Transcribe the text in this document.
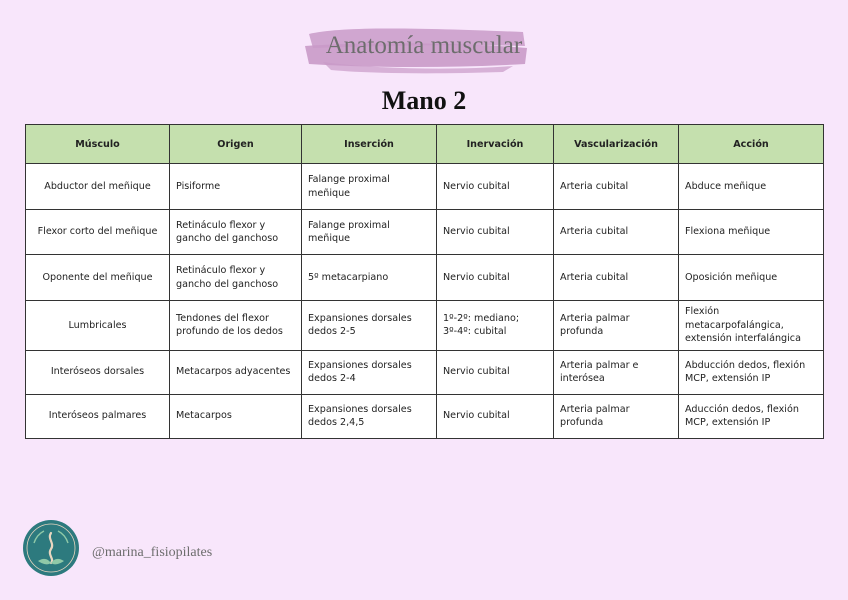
Anatomía muscular
Mano 2
Músculo	Origen	Inserción	Inervación	Vascularización	Acción
Abductor del meñique	Pisiforme	Falange proximal meñique	Nervio cubital	Arteria cubital	Abduce meñique
Flexor corto del meñique	Retináculo flexor y gancho del ganchoso	Falange proximal meñique	Nervio cubital	Arteria cubital	Flexiona meñique
Oponente del meñique	Retináculo flexor y gancho del ganchoso	5º metacarpiano	Nervio cubital	Arteria cubital	Oposición meñique
Lumbricales	Tendones del flexor profundo de los dedos	Expansiones dorsales dedos 2-5	1º-2º: mediano; 3º-4º: cubital	Arteria palmar profunda	Flexión metacarpofalángica, extensión interfalángica
Interóseos dorsales	Metacarpos adyacentes	Expansiones dorsales dedos 2-4	Nervio cubital	Arteria palmar e interósea	Abducción dedos, flexión MCP, extensión IP
Interóseos palmares	Metacarpos	Expansiones dorsales dedos 2,4,5	Nervio cubital	Arteria palmar profunda	Aducción dedos, flexión MCP, extensión IP
@marina_fisiopilates
